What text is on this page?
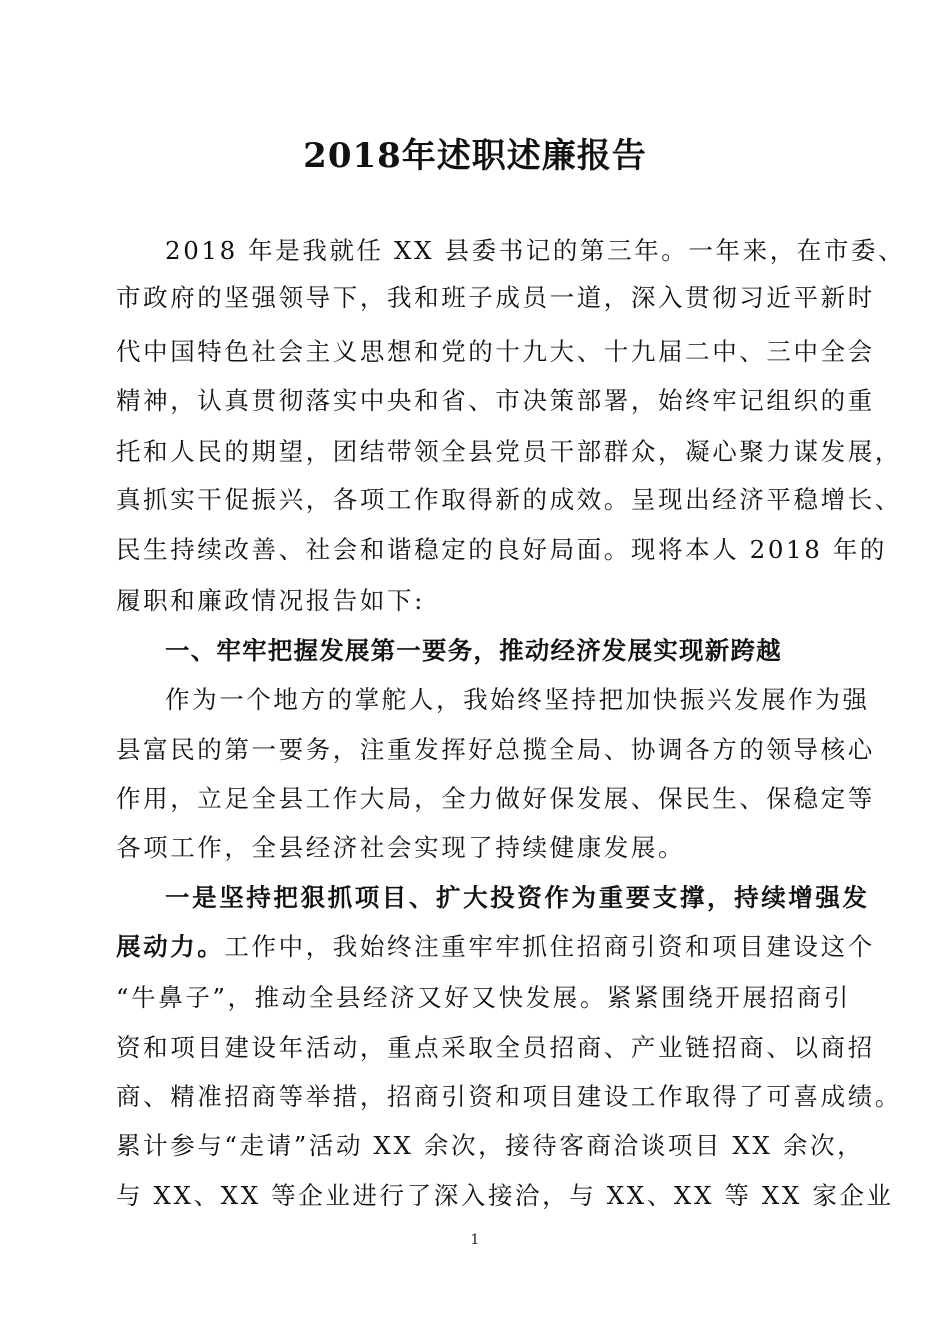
2018年述职述廉报告

2018 年是我就任 XX 县委书记的第三年。一年来，在市委、

市政府的坚强领导下，我和班子成员一道，深入贯彻习近平新时

代中国特色社会主义思想和党的十九大、十九届二中、三中全会

精神，认真贯彻落实中央和省、市决策部署，始终牢记组织的重

托和人民的期望，团结带领全县党员干部群众，凝心聚力谋发展，

真抓实干促振兴，各项工作取得新的成效。呈现出经济平稳增长、

民生持续改善、社会和谐稳定的良好局面。现将本人 2018 年的

履职和廉政情况报告如下:

一、牢牢把握发展第一要务，推动经济发展实现新跨越

作为一个地方的掌舵人，我始终坚持把加快振兴发展作为强

县富民的第一要务，注重发挥好总揽全局、协调各方的领导核心

作用，立足全县工作大局，全力做好保发展、保民生、保稳定等

各项工作，全县经济社会实现了持续健康发展。

一是坚持把狠抓项目、扩大投资作为重要支撑，持续增强发

展动力。工作中，我始终注重牢牢抓住招商引资和项目建设这个

“牛鼻子”，推动全县经济又好又快发展。紧紧围绕开展招商引

资和项目建设年活动，重点采取全员招商、产业链招商、以商招

商、精准招商等举措，招商引资和项目建设工作取得了可喜成绩。

累计参与“走请”活动 XX 余次，接待客商洽谈项目 XX 余次，

与 XX、XX 等企业进行了深入接洽，与 XX、XX 等 XX 家企业

1
